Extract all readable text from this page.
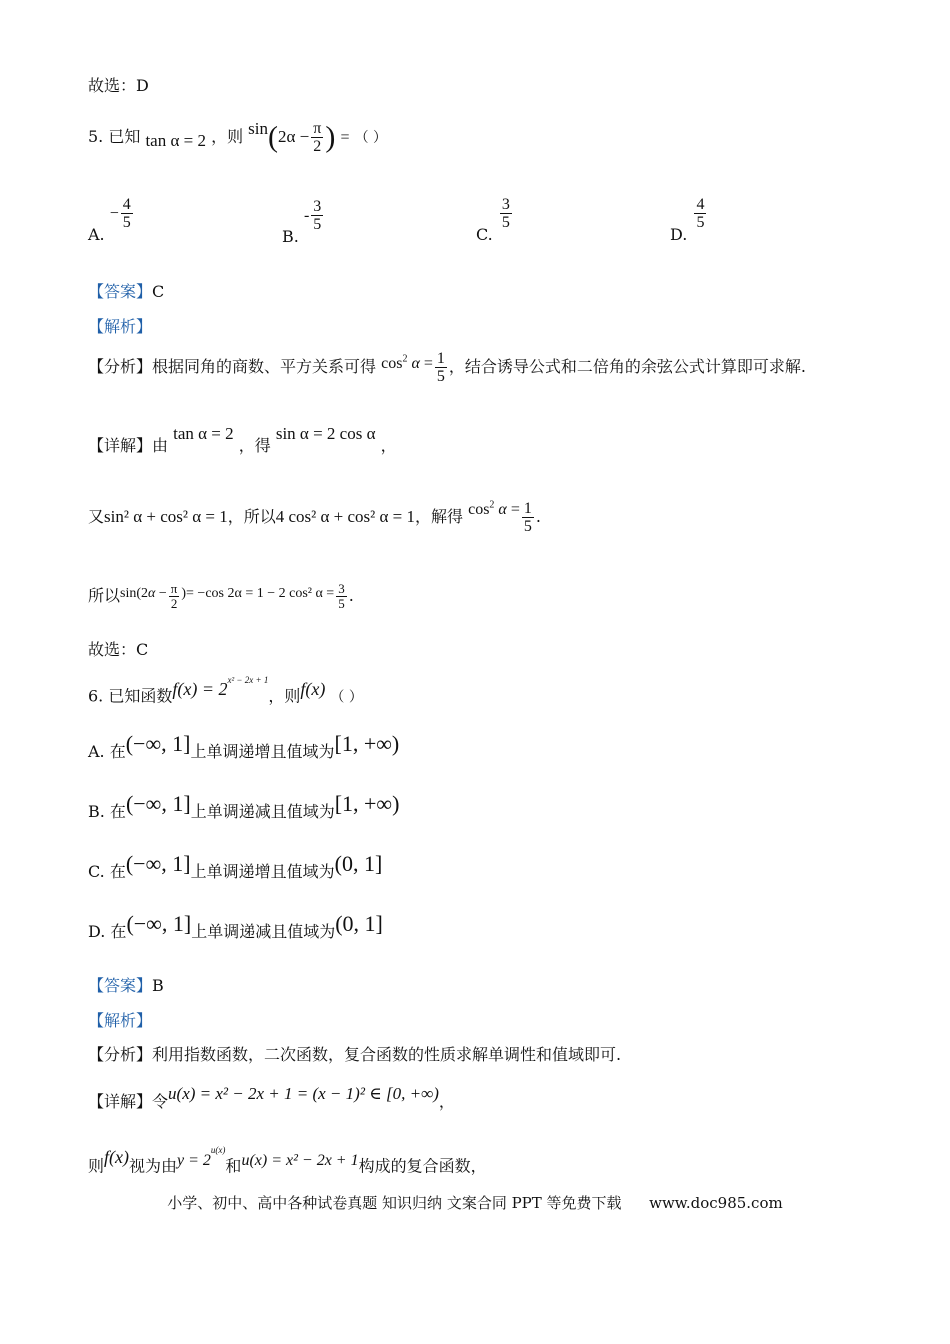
故选：D
5. 已知 tan α = 2 ，则 $\sin(2\alpha - \frac{\pi}{2}$ ) = （ ）
A. − $\frac{4}{5}$
B. - $\frac{3}{5}$
C.
$\frac{3}{5}$
D.
$\frac{4}{5}$
【答案】C
【解析】
【分析】根据同角的商数、平方关系可得 $\cos^2 \alpha = \frac{1}{5}$ ，结合诱导公式和二倍角的余弦公式计算即可求解.
【详解】由 tan α = 2 ，得 sin α = 2 cos α ，
又sin² α + cos² α = 1，所以4 cos² α + cos² α = 1，解得 $\cos^2 \alpha = \frac{1}{5}$ .
所以$\sin(2\alpha - \frac{\pi}{2}$ )= −cos 2α = 1 − 2 cos² $\alpha = \frac{3}{5}$ .
故选：C
6. 已知函数$f(x) = 2^{x^2 - 2x + 1}$，则f(x) （ ）
A. 在(−∞, 1]上单调递增且值域为[1, +∞)
B. 在(−∞, 1]上单调递减且值域为[1, +∞)
C. 在(−∞, 1]上单调递增且值域为(0, 1]
D. 在(−∞, 1]上单调递减且值域为(0, 1]
【答案】B
【解析】
【分析】利用指数函数，二次函数，复合函数的性质求解单调性和值域即可.
【详解】令u(x) = x² − 2x + 1 = (x − 1)² ∈ [0, +∞)，
则f(x)视为由$y = 2^{u(x)}$和u(x) = x² − 2x + 1构成的复合函数，
小学、初中、高中各种试卷真题 知识归纳 文案合同 PPT 等免费下载 www.doc985.com
